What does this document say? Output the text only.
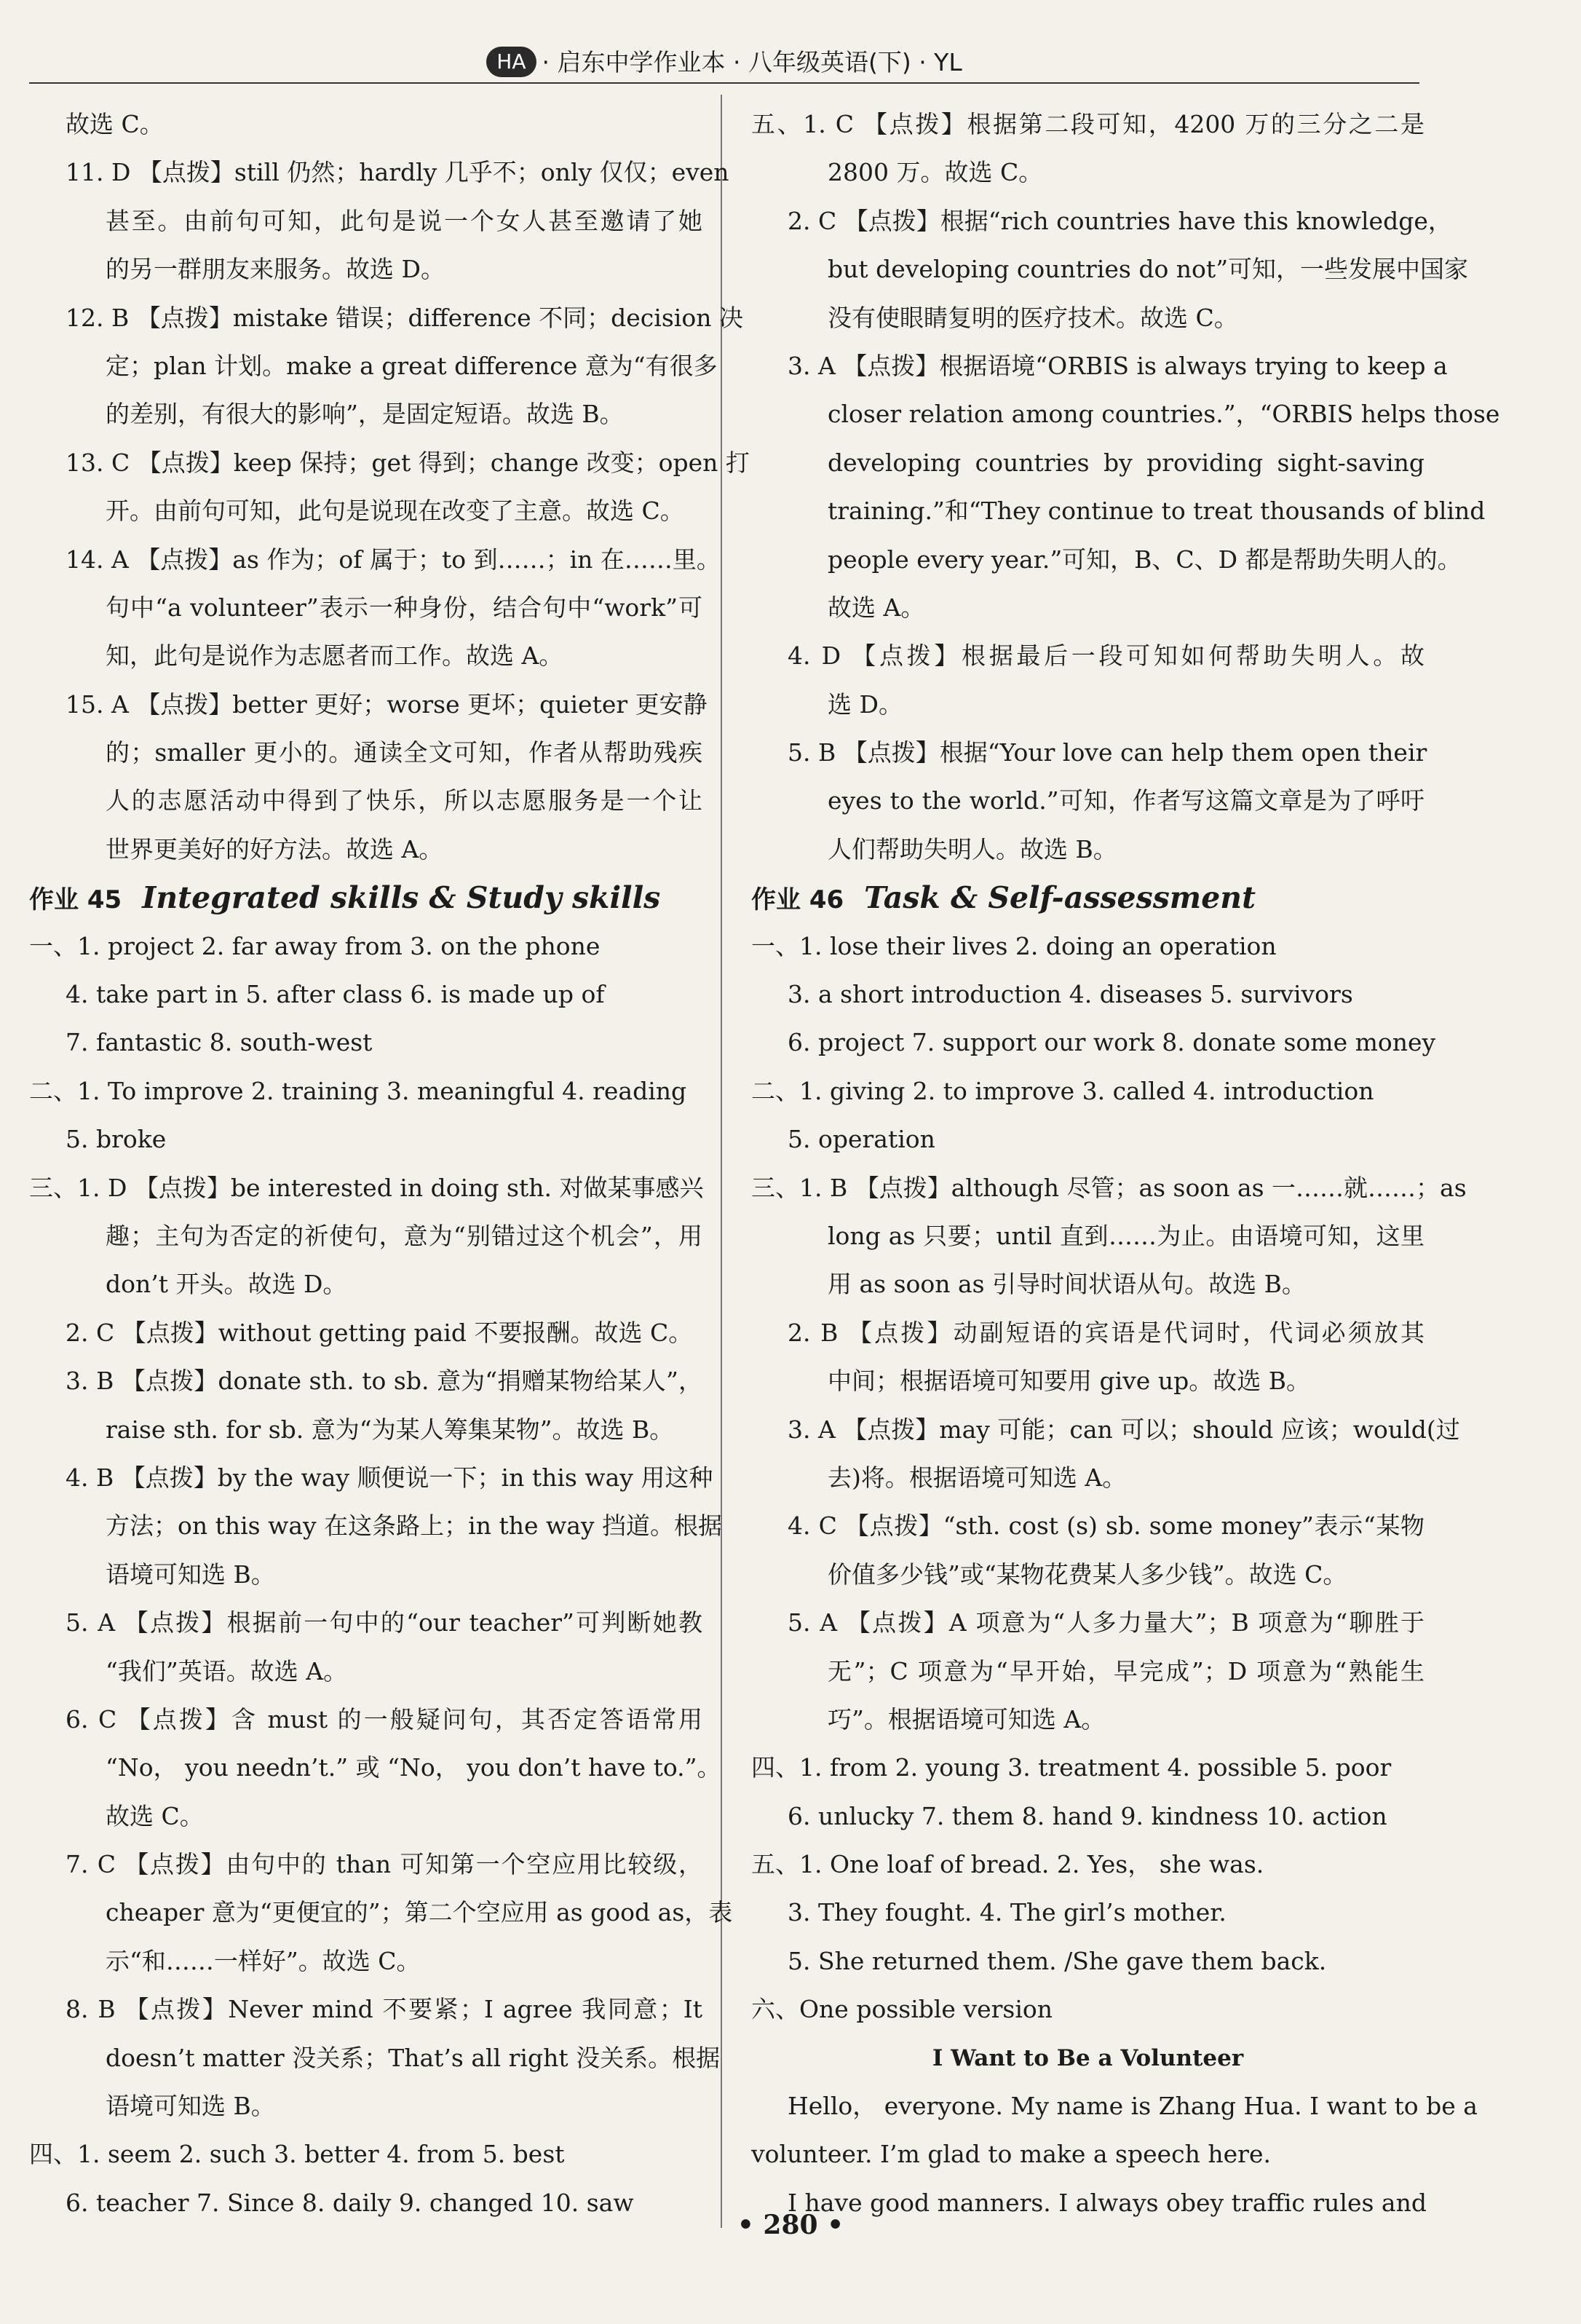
HA · 启东中学作业本 · 八年级英语(下) · YL
故选 C。
11. D 【点拨】still 仍然；hardly 几乎不；only 仅仅；even
甚至。由前句可知，此句是说一个女人甚至邀请了她
的另一群朋友来服务。故选 D。
12. B 【点拨】mistake 错误；difference 不同；decision 决
定；plan 计划。make a great difference 意为“有很多
的差别，有很大的影响”，是固定短语。故选 B。
13. C 【点拨】keep 保持；get 得到；change 改变；open 打
开。由前句可知，此句是说现在改变了主意。故选 C。
14. A 【点拨】as 作为；of 属于；to 到……；in 在……里。
句中“a volunteer”表示一种身份，结合句中“work”可
知，此句是说作为志愿者而工作。故选 A。
15. A 【点拨】better 更好；worse 更坏；quieter 更安静
的；smaller 更小的。通读全文可知，作者从帮助残疾
人的志愿活动中得到了快乐，所以志愿服务是一个让
世界更美好的好方法。故选 A。
作业 45 Integrated skills & Study skills
一、1. project 2. far away from 3. on the phone
4. take part in 5. after class 6. is made up of
7. fantastic 8. south-west
二、1. To improve 2. training 3. meaningful 4. reading
5. broke
三、1. D 【点拨】be interested in doing sth. 对做某事感兴
趣；主句为否定的祈使句，意为“别错过这个机会”，用
don’t 开头。故选 D。
2. C 【点拨】without getting paid 不要报酬。故选 C。
3. B 【点拨】donate sth. to sb. 意为“捐赠某物给某人”，
raise sth. for sb. 意为“为某人筹集某物”。故选 B。
4. B 【点拨】by the way 顺便说一下；in this way 用这种
方法；on this way 在这条路上；in the way 挡道。根据
语境可知选 B。
5. A 【点拨】根据前一句中的“our teacher”可判断她教
“我们”英语。故选 A。
6. C 【点拨】含 must 的一般疑问句，其否定答语常用
“No， you needn’t.” 或 “No， you don’t have to.”。
故选 C。
7. C 【点拨】由句中的 than 可知第一个空应用比较级，
cheaper 意为“更便宜的”；第二个空应用 as good as，表
示“和……一样好”。故选 C。
8. B 【点拨】Never mind 不要紧；I agree 我同意；It
doesn’t matter 没关系；That’s all right 没关系。根据
语境可知选 B。
四、1. seem 2. such 3. better 4. from 5. best
6. teacher 7. Since 8. daily 9. changed 10. saw
五、1. C 【点拨】根据第二段可知，4200 万的三分之二是
2800 万。故选 C。
2. C 【点拨】根据“rich countries have this knowledge，
but developing countries do not”可知，一些发展中国家
没有使眼睛复明的医疗技术。故选 C。
3. A 【点拨】根据语境“ORBIS is always trying to keep a
closer relation among countries.”，“ORBIS helps those
developing countries by providing sight-saving
training.”和“They continue to treat thousands of blind
people every year.”可知，B、C、D 都是帮助失明人的。
故选 A。
4. D 【点拨】根据最后一段可知如何帮助失明人。故
选 D。
5. B 【点拨】根据“Your love can help them open their
eyes to the world.”可知，作者写这篇文章是为了呼吁
人们帮助失明人。故选 B。
作业 46 Task & Self-assessment
一、1. lose their lives 2. doing an operation
3. a short introduction 4. diseases 5. survivors
6. project 7. support our work 8. donate some money
二、1. giving 2. to improve 3. called 4. introduction
5. operation
三、1. B 【点拨】although 尽管；as soon as 一……就……；as
long as 只要；until 直到……为止。由语境可知，这里
用 as soon as 引导时间状语从句。故选 B。
2. B 【点拨】动副短语的宾语是代词时，代词必须放其
中间；根据语境可知要用 give up。故选 B。
3. A 【点拨】may 可能；can 可以；should 应该；would(过
去)将。根据语境可知选 A。
4. C 【点拨】“sth. cost (s) sb. some money”表示“某物
价值多少钱”或“某物花费某人多少钱”。故选 C。
5. A 【点拨】A 项意为“人多力量大”；B 项意为“聊胜于
无”；C 项意为“早开始，早完成”；D 项意为“熟能生
巧”。根据语境可知选 A。
四、1. from 2. young 3. treatment 4. possible 5. poor
6. unlucky 7. them 8. hand 9. kindness 10. action
五、1. One loaf of bread. 2. Yes， she was.
3. They fought. 4. The girl’s mother.
5. She returned them. /She gave them back.
六、One possible version
I Want to Be a Volunteer
Hello， everyone. My name is Zhang Hua. I want to be a
volunteer. I’m glad to make a speech here.
I have good manners. I always obey traffic rules and
• 280 •
